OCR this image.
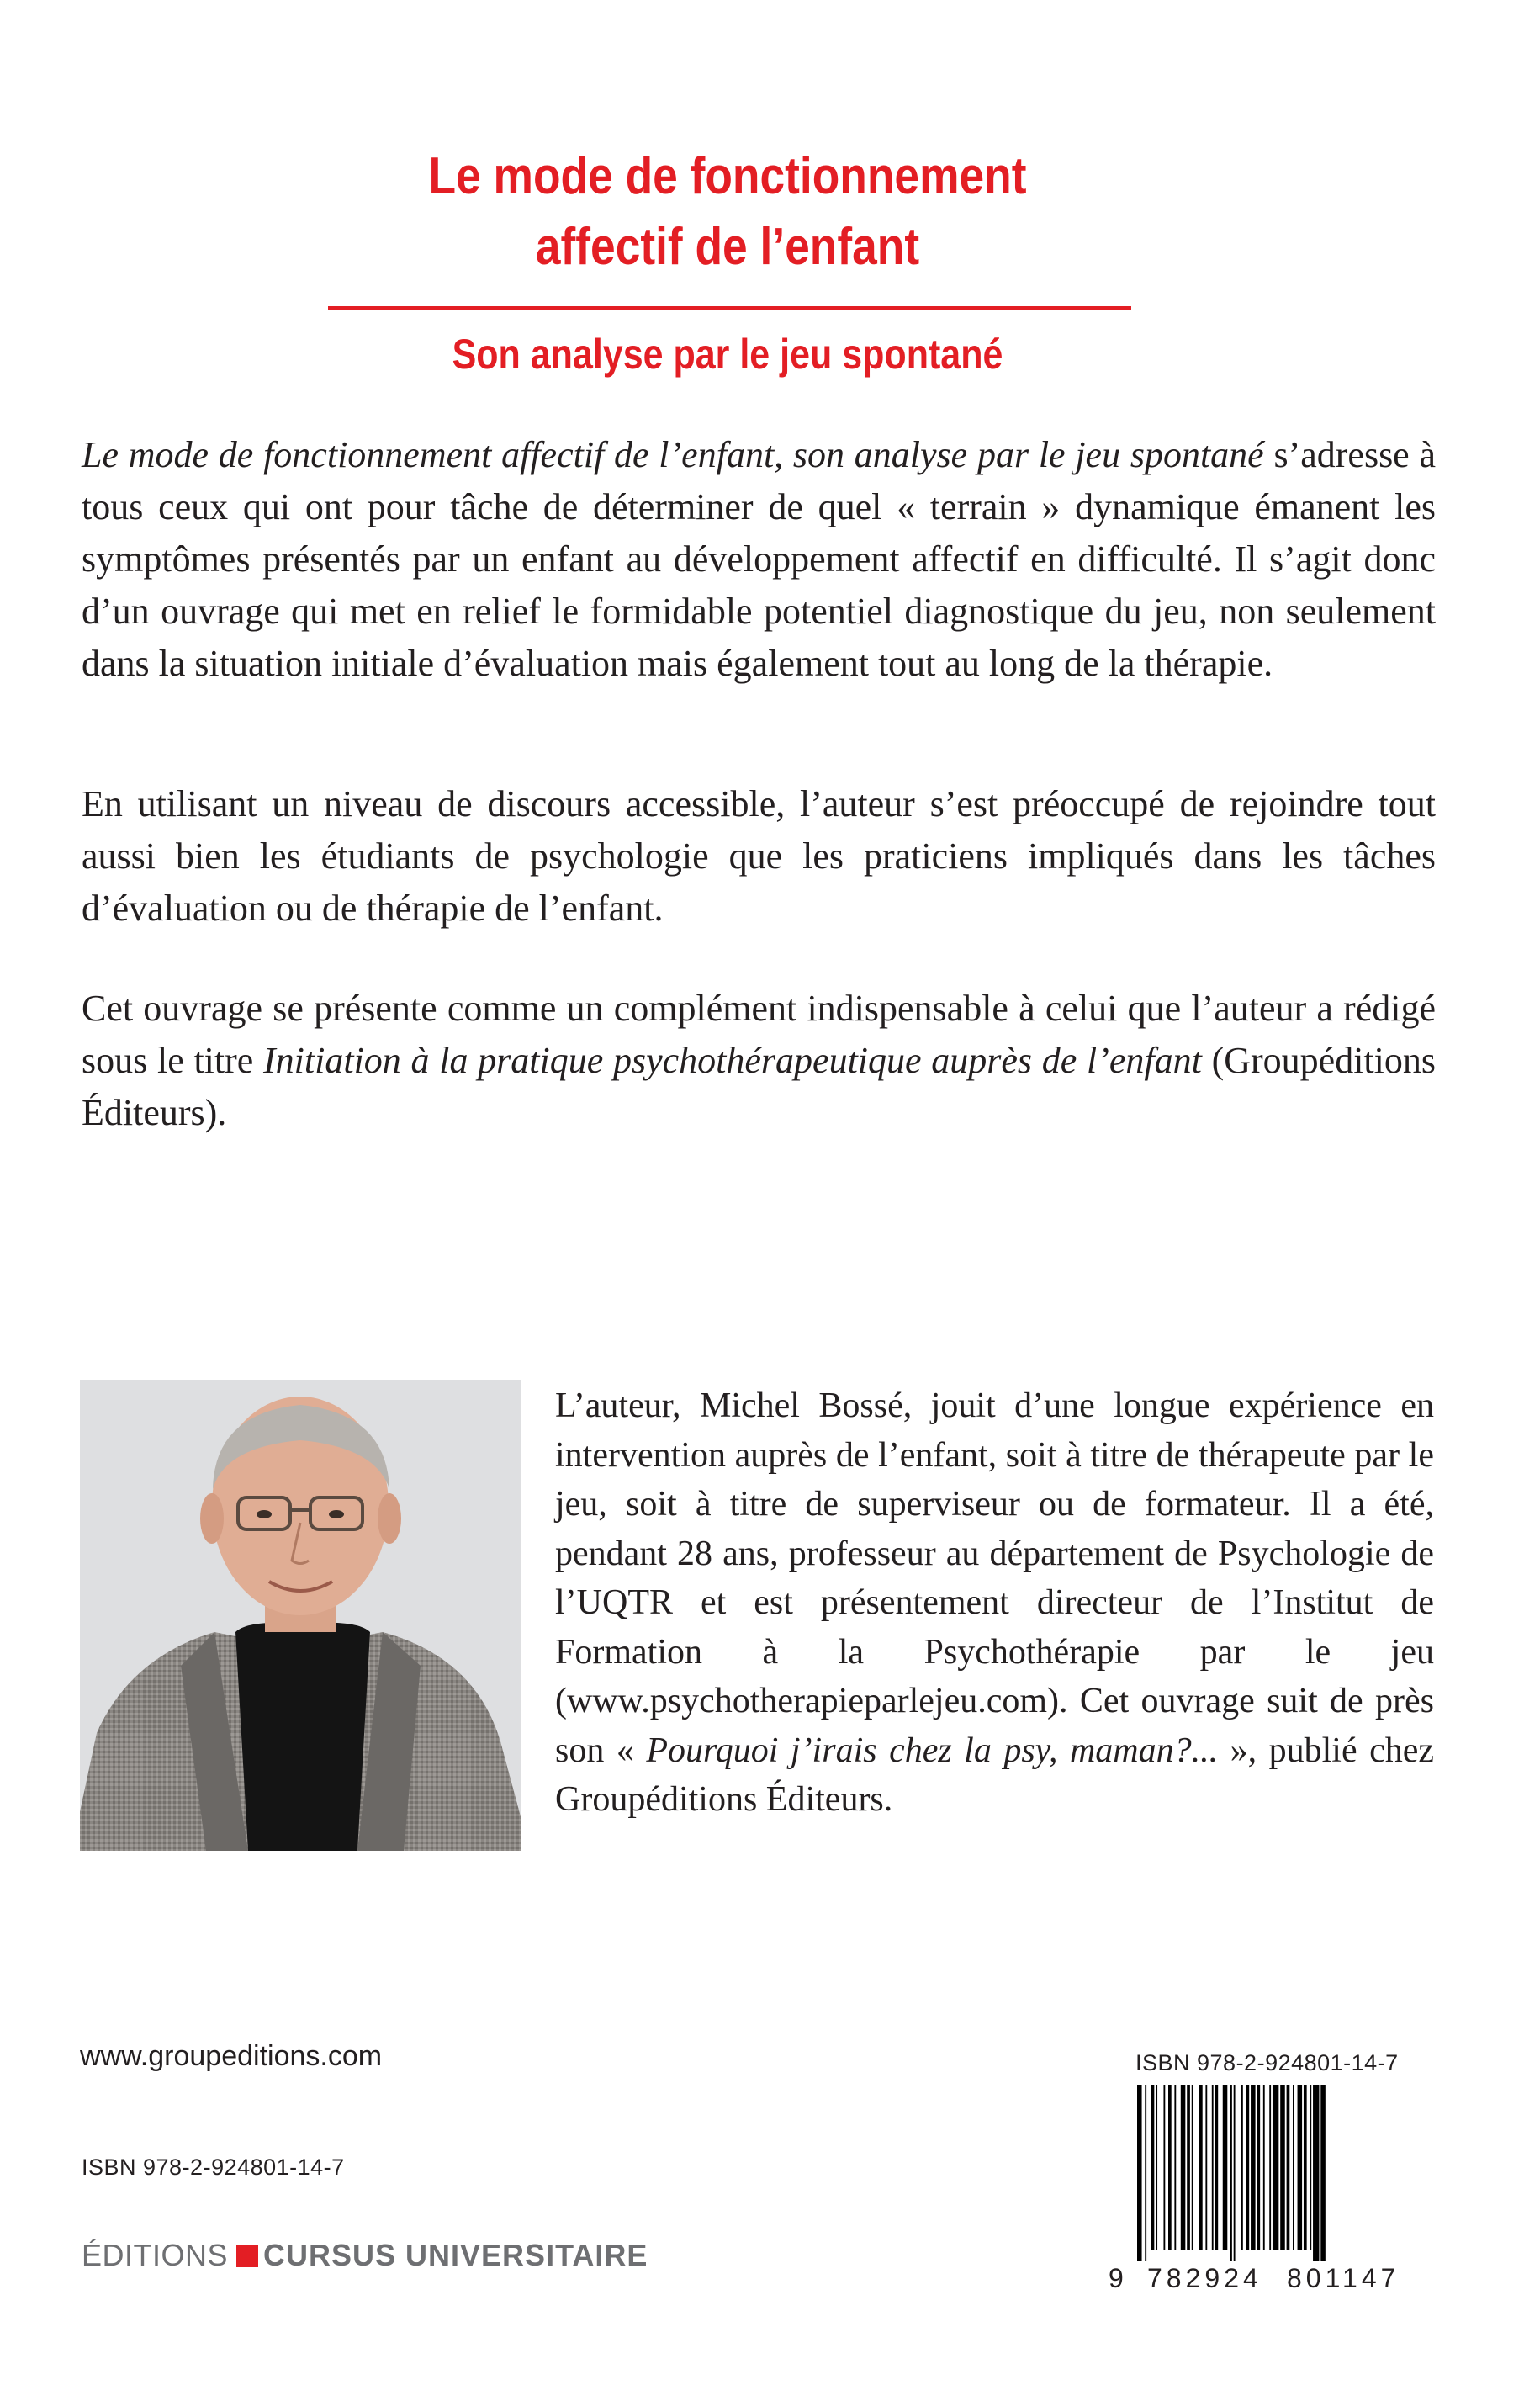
Le mode de fonctionnement
affectif de l’enfant
Son analyse par le jeu spontané

Le mode de fonctionnement affectif de l’enfant, son analyse par le jeu spontané s’adresse à tous ceux qui ont pour tâche de déterminer de quel « terrain » dynamique émanent les symptômes présentés par un enfant au développement affectif en difficulté. Il s’agit donc d’un ouvrage qui met en relief le formidable potentiel diagnostique du jeu, non seulement dans la situation initiale d’évaluation mais également tout au long de la thérapie.

En utilisant un niveau de discours accessible, l’auteur s’est préoccupé de rejoindre tout aussi bien les étudiants de psychologie que les praticiens impliqués dans les tâches d’évaluation ou de thérapie de l’enfant.

Cet ouvrage se présente comme un complément indispensable à celui que l’auteur a rédigé sous le titre Initiation à la pratique psychothérapeutique auprès de l’enfant (Groupéditions Éditeurs).

L’auteur, Michel Bossé, jouit d’une longue expérience en intervention auprès de l’enfant, soit à titre de thérapeute par le jeu, soit à titre de superviseur ou de formateur. Il a été, pendant 28 ans, professeur au département de Psychologie de l’UQTR et est présentement directeur de l’Institut de Formation à la Psychothérapie par le jeu (www.psychotherapieparlejeu.com). Cet ouvrage suit de près son « Pourquoi j’irais chez la psy, maman?... », publié chez Groupéditions Éditeurs.

www.groupeditions.com
ISBN 978-2-924801-14-7
ÉDITIONS CURSUS UNIVERSITAIRE
ISBN 978-2-924801-14-7
9 782924 801147
